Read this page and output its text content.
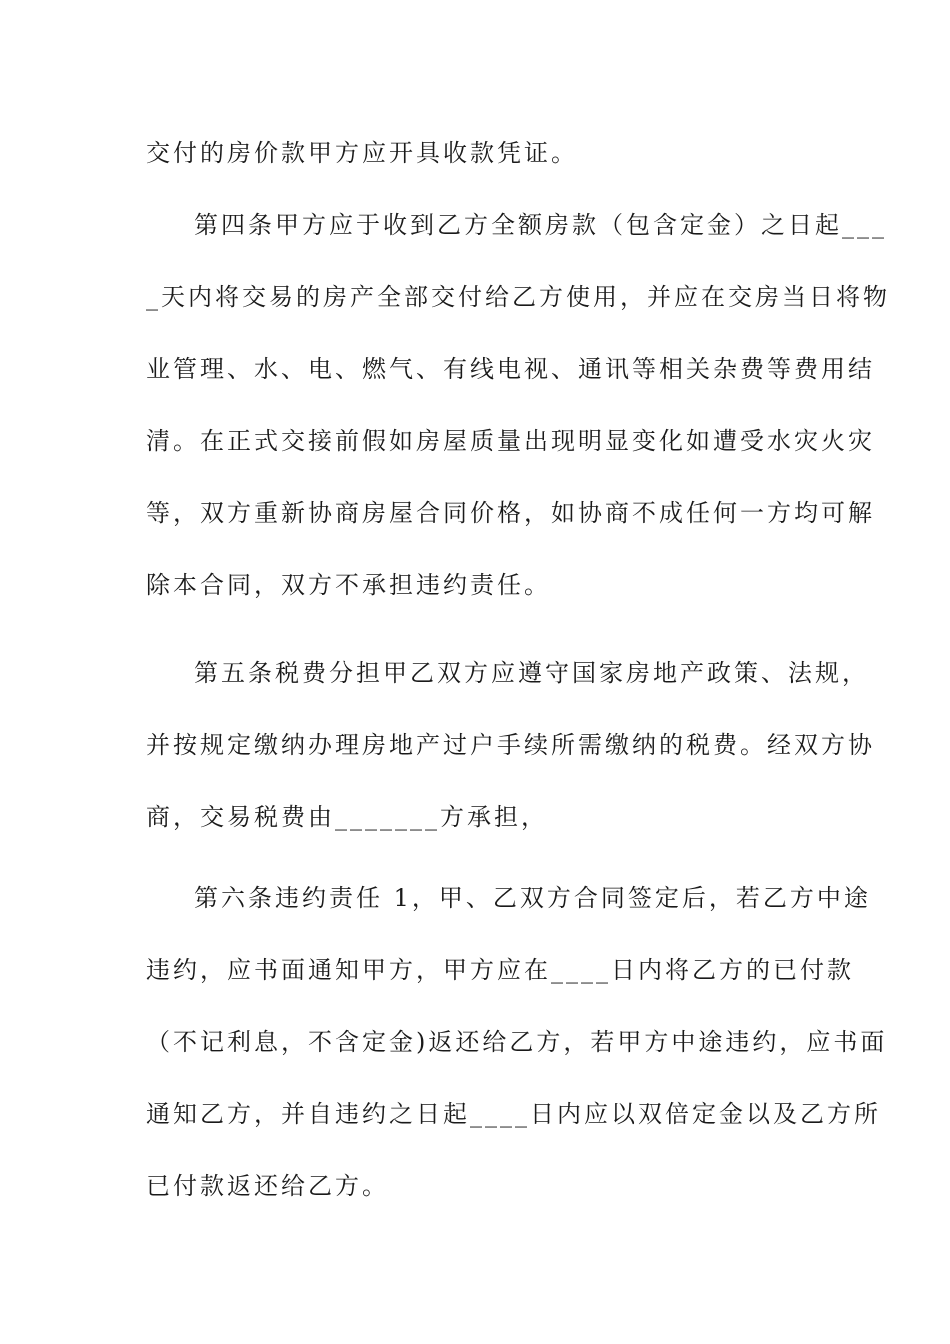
交付的房价款甲方应开具收款凭证。
第四条甲方应于收到乙方全额房款（包含定金）之日起___
_天内将交易的房产全部交付给乙方使用，并应在交房当日将物
业管理、水、电、燃气、有线电视、通讯等相关杂费等费用结
清。在正式交接前假如房屋质量出现明显变化如遭受水灾火灾
等，双方重新协商房屋合同价格，如协商不成任何一方均可解
除本合同，双方不承担违约责任。
第五条税费分担甲乙双方应遵守国家房地产政策、法规，
并按规定缴纳办理房地产过户手续所需缴纳的税费。经双方协
商，交易税费由_______方承担，
第六条违约责任 1，甲、乙双方合同签定后，若乙方中途
违约，应书面通知甲方，甲方应在____日内将乙方的已付款
（不记利息，不含定金)返还给乙方，若甲方中途违约，应书面
通知乙方，并自违约之日起____日内应以双倍定金以及乙方所
已付款返还给乙方。
